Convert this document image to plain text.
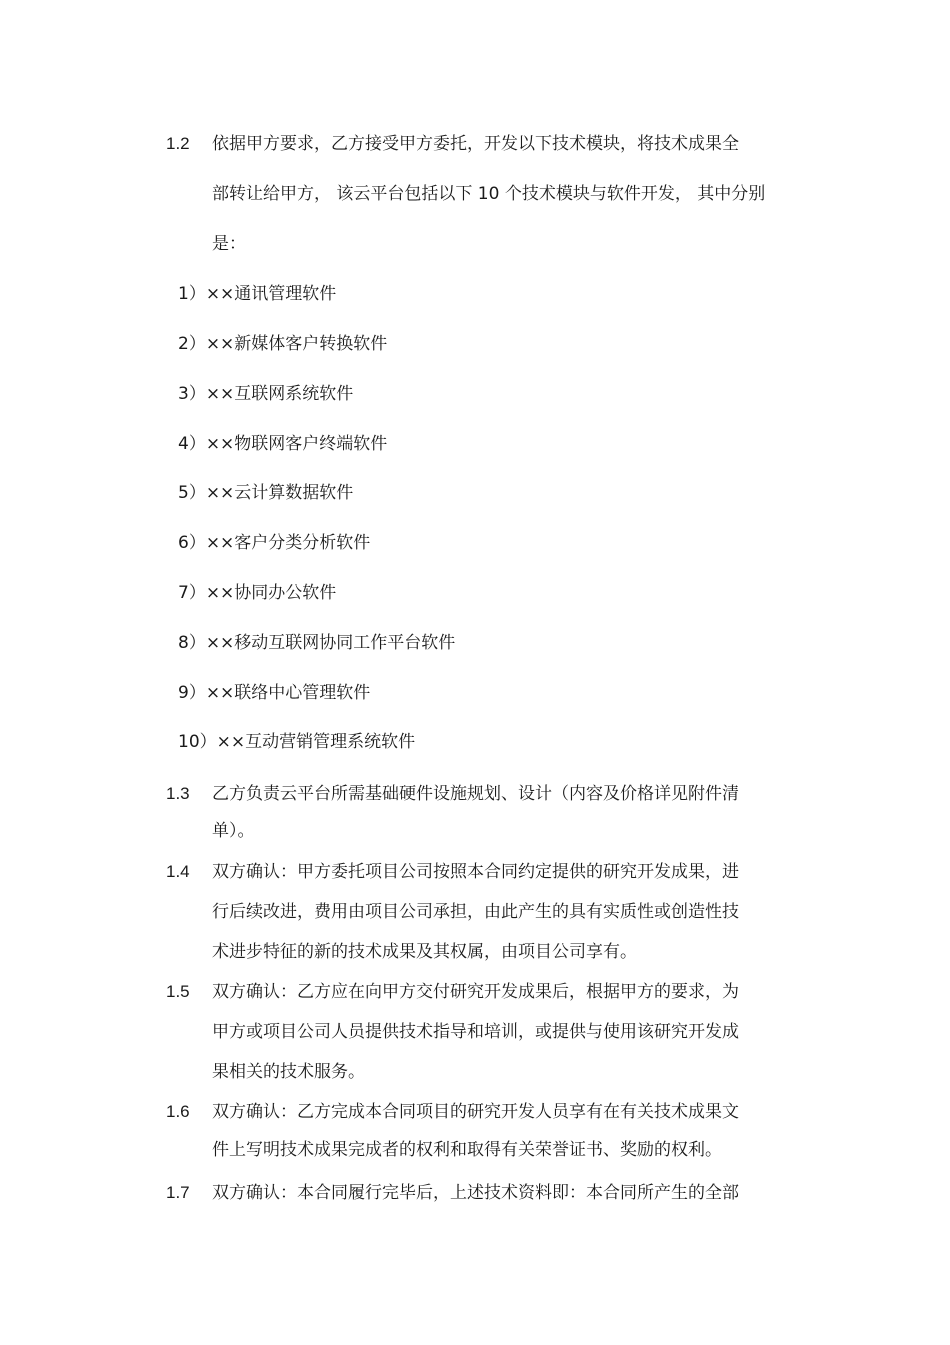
1.2 依据甲方要求，乙方接受甲方委托，开发以下技术模块，将技术成果全
部转让给甲方， 该云平台包括以下 10 个技术模块与软件开发， 其中分别
是：
1）××通讯管理软件
2）××新媒体客户转换软件
3）××互联网系统软件
4）××物联网客户终端软件
5）××云计算数据软件
6）××客户分类分析软件
7）××协同办公软件
8）××移动互联网协同工作平台软件
9）××联络中心管理软件
10）××互动营销管理系统软件
1.3 乙方负责云平台所需基础硬件设施规划、设计（内容及价格详见附件清
单）。
1.4 双方确认：甲方委托项目公司按照本合同约定提供的研究开发成果，进
行后续改进，费用由项目公司承担，由此产生的具有实质性或创造性技
术进步特征的新的技术成果及其权属，由项目公司享有。
1.5 双方确认：乙方应在向甲方交付研究开发成果后，根据甲方的要求，为
甲方或项目公司人员提供技术指导和培训，或提供与使用该研究开发成
果相关的技术服务。
1.6 双方确认：乙方完成本合同项目的研究开发人员享有在有关技术成果文
件上写明技术成果完成者的权利和取得有关荣誉证书、奖励的权利。
1.7 双方确认：本合同履行完毕后，上述技术资料即：本合同所产生的全部
